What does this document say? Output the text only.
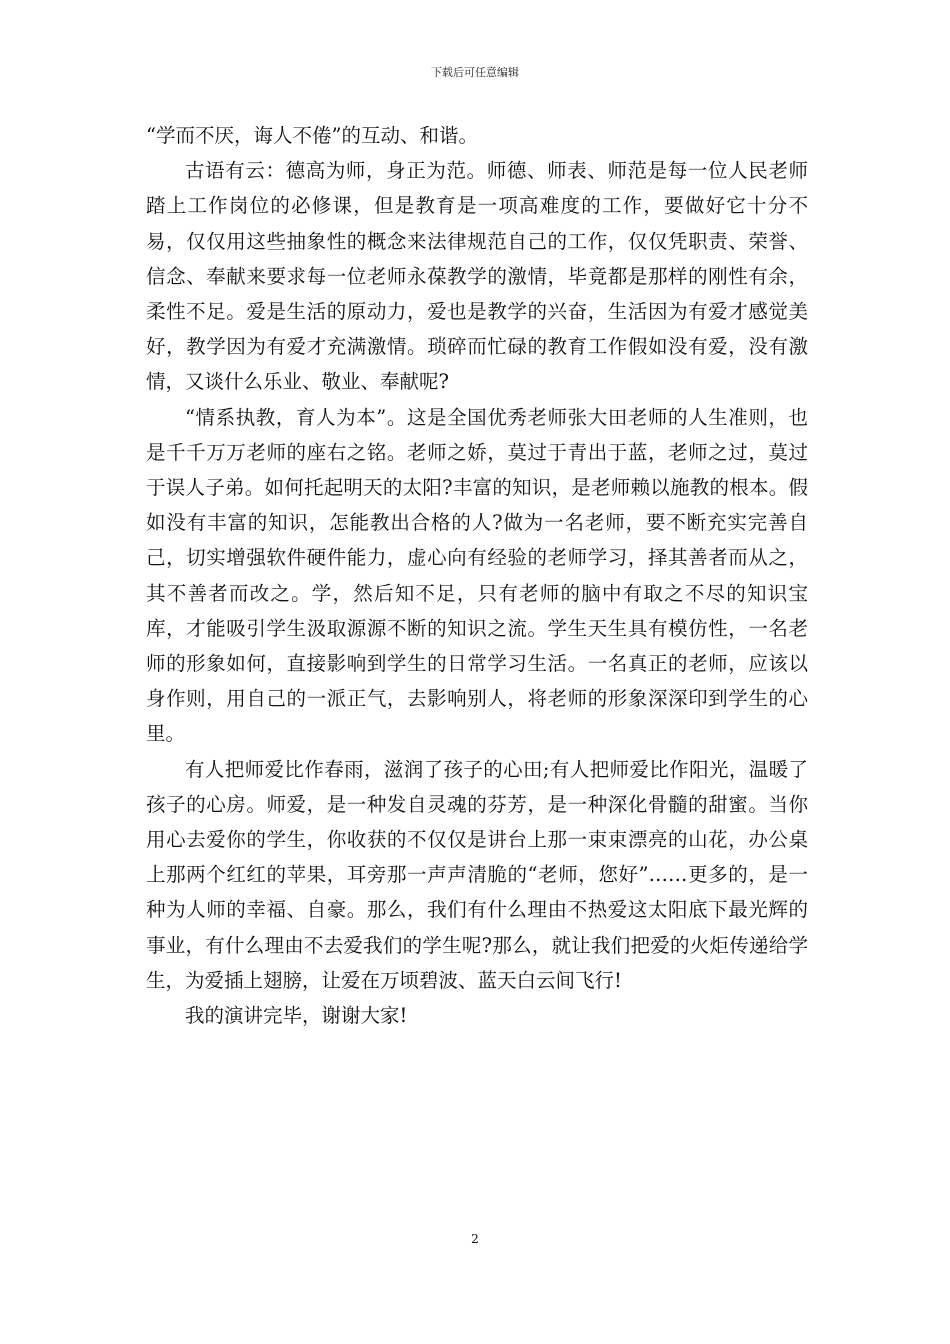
下载后可任意编辑

“学而不厌，诲人不倦”的互动、和谐。

古语有云：德高为师，身正为范。师德、师表、师范是每一位人民老师踏上工作岗位的必修课，但是教育是一项高难度的工作，要做好它十分不易，仅仅用这些抽象性的概念来法律规范自己的工作，仅仅凭职责、荣誉、信念、奉献来要求每一位老师永葆教学的激情，毕竟都是那样的刚性有余，柔性不足。爱是生活的原动力，爱也是教学的兴奋，生活因为有爱才感觉美好，教学因为有爱才充满激情。琐碎而忙碌的教育工作假如没有爱，没有激情，又谈什么乐业、敬业、奉献呢?

“情系执教，育人为本”。这是全国优秀老师张大田老师的人生准则，也是千千万万老师的座右之铭。老师之娇，莫过于青出于蓝，老师之过，莫过于误人子弟。如何托起明天的太阳?丰富的知识，是老师赖以施教的根本。假如没有丰富的知识，怎能教出合格的人?做为一名老师，要不断充实完善自己，切实增强软件硬件能力，虚心向有经验的老师学习，择其善者而从之，其不善者而改之。学，然后知不足，只有老师的脑中有取之不尽的知识宝库，才能吸引学生汲取源源不断的知识之流。学生天生具有模仿性，一名老师的形象如何，直接影响到学生的日常学习生活。一名真正的老师，应该以身作则，用自己的一派正气，去影响别人，将老师的形象深深印到学生的心里。

有人把师爱比作春雨，滋润了孩子的心田;有人把师爱比作阳光，温暖了孩子的心房。师爱，是一种发自灵魂的芬芳，是一种深化骨髓的甜蜜。当你用心去爱你的学生，你收获的不仅仅是讲台上那一束束漂亮的山花，办公桌上那两个红红的苹果，耳旁那一声声清脆的“老师，您好”……更多的，是一种为人师的幸福、自豪。那么，我们有什么理由不热爱这太阳底下最光辉的事业，有什么理由不去爱我们的学生呢?那么，就让我们把爱的火炬传递给学生，为爱插上翅膀，让爱在万顷碧波、蓝天白云间飞行!

我的演讲完毕，谢谢大家!

2
